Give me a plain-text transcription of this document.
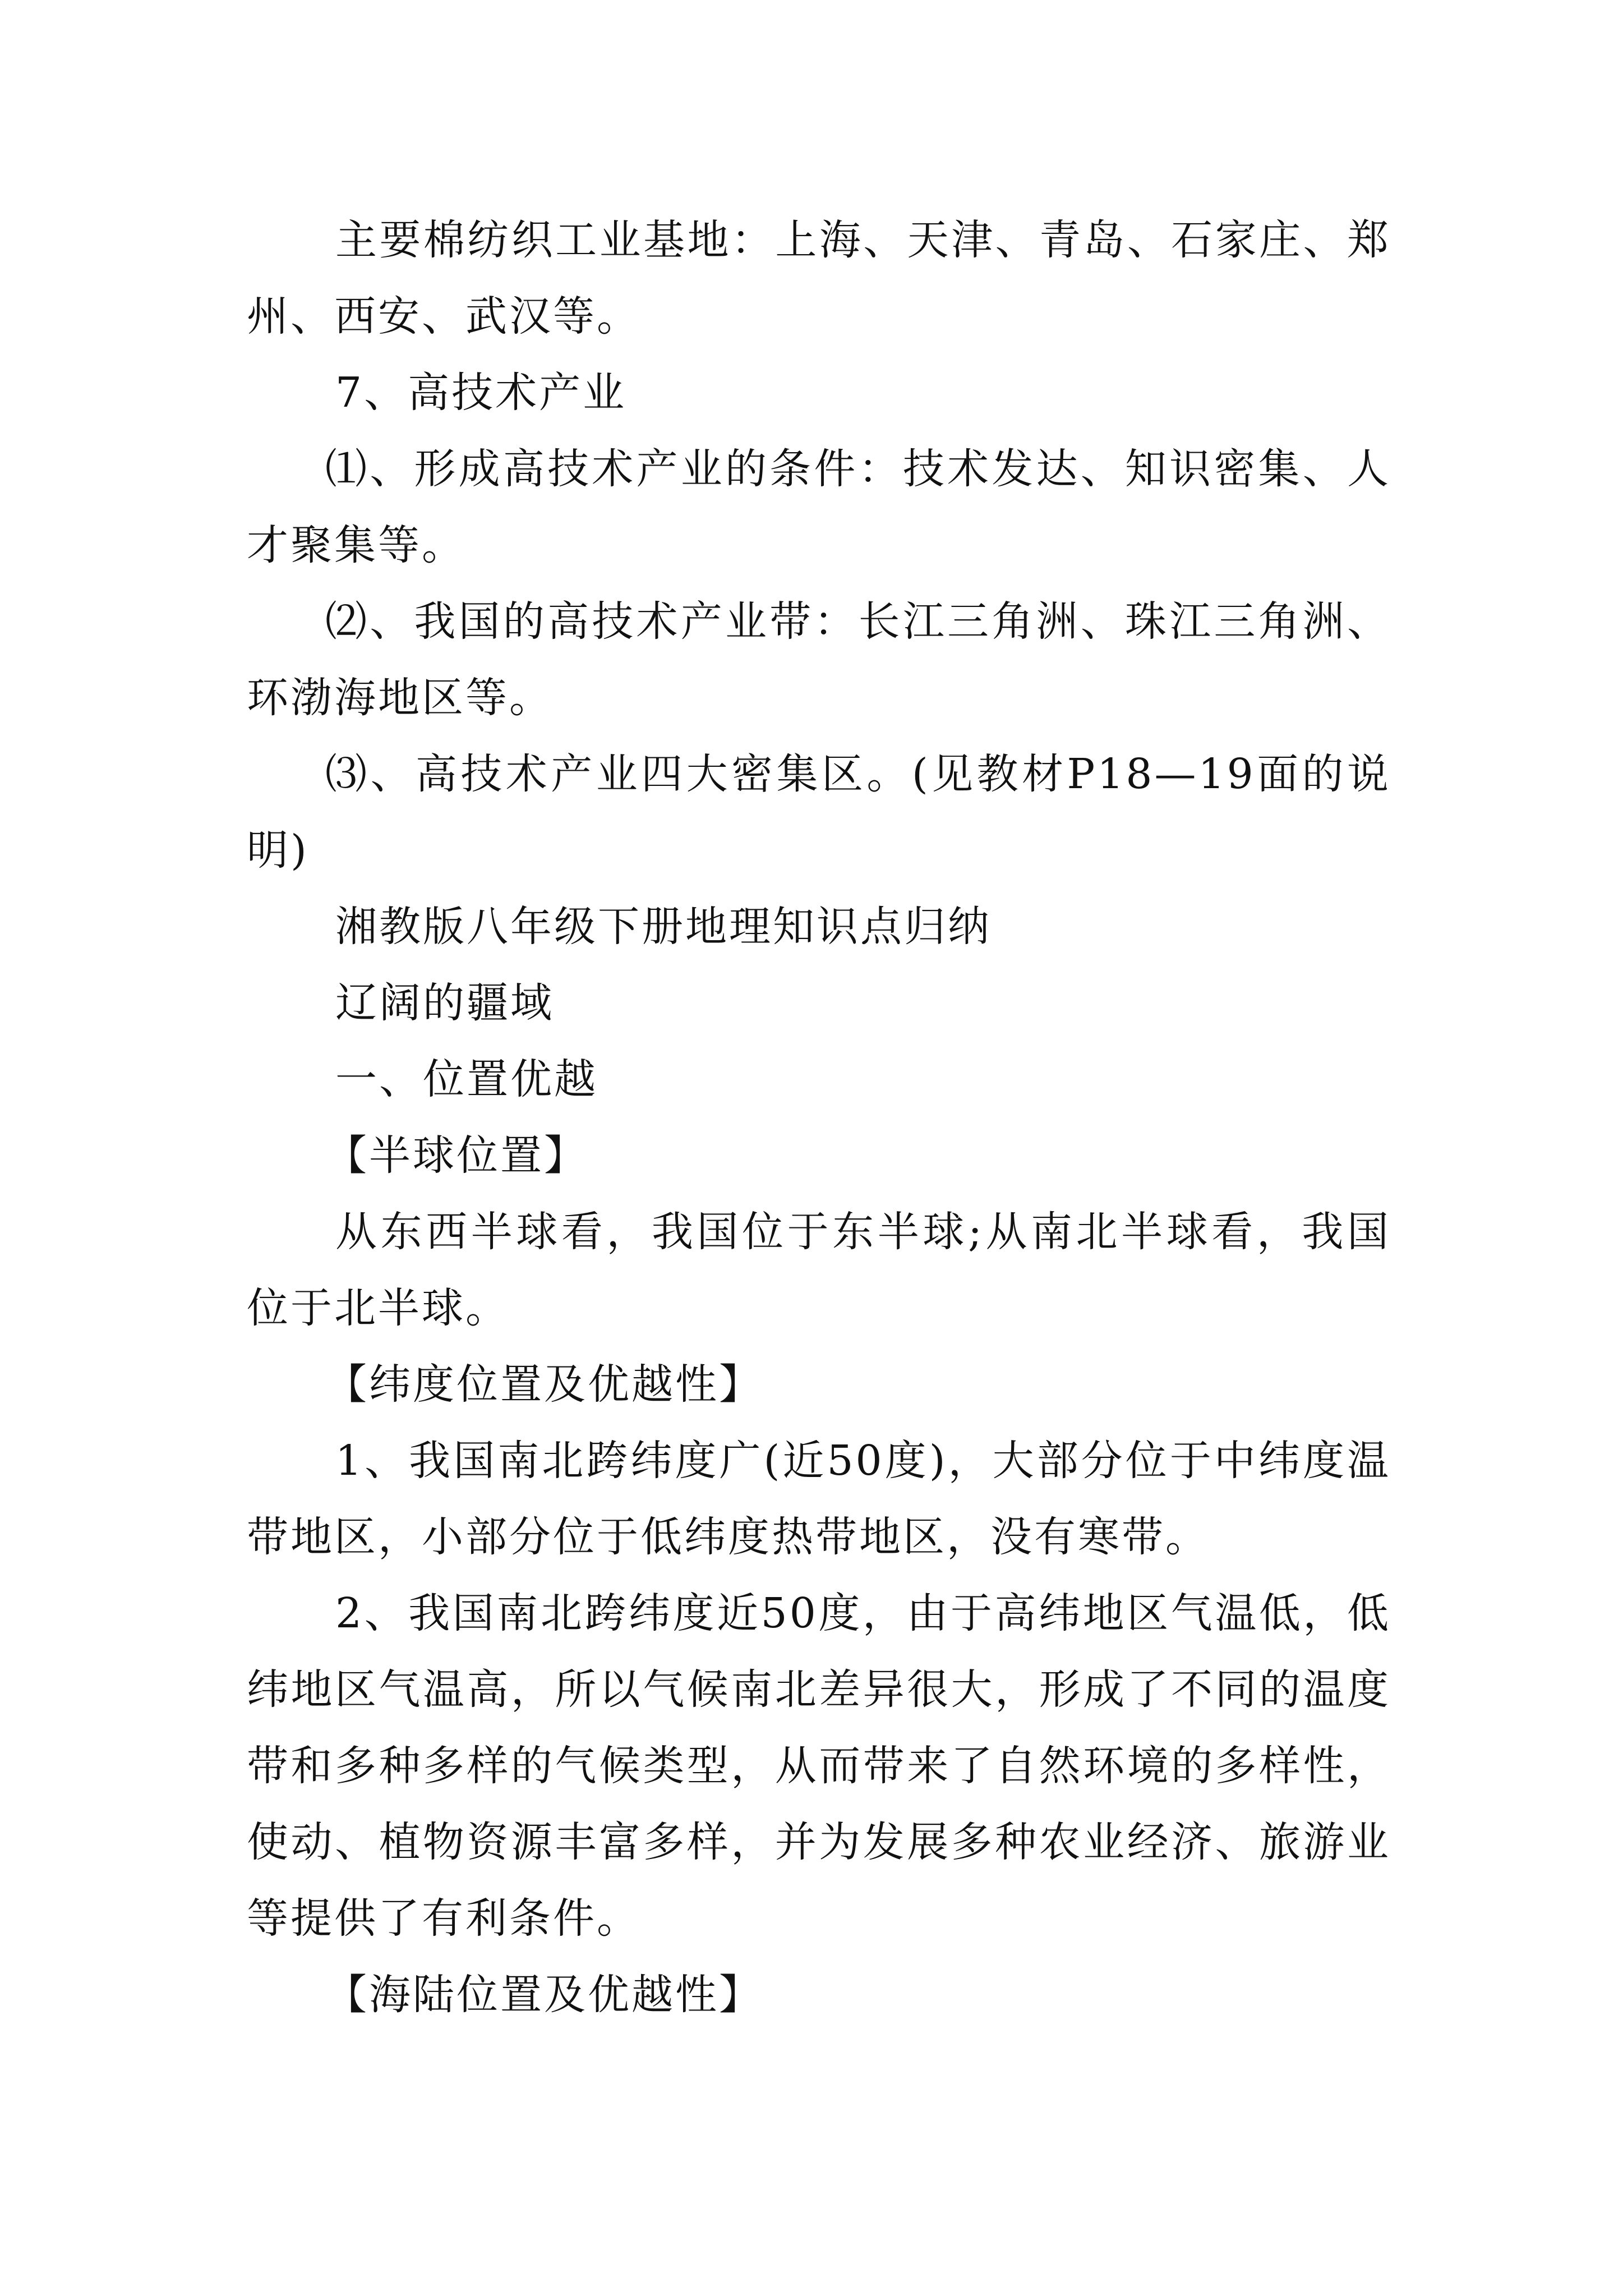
主要棉纺织工业基地：上海、天津、青岛、石家庄、郑州、西安、武汉等。

7、高技术产业

⑴、形成高技术产业的条件：技术发达、知识密集、人才聚集等。

⑵、我国的高技术产业带：长江三角洲、珠江三角洲、环渤海地区等。

⑶、高技术产业四大密集区。(见教材P18—19面的说明)

湘教版八年级下册地理知识点归纳

辽阔的疆域

一、位置优越

【半球位置】

从东西半球看，我国位于东半球;从南北半球看，我国位于北半球。

【纬度位置及优越性】

1、我国南北跨纬度广(近50度)，大部分位于中纬度温带地区，小部分位于低纬度热带地区，没有寒带。

2、我国南北跨纬度近50度，由于高纬地区气温低，低纬地区气温高，所以气候南北差异很大，形成了不同的温度带和多种多样的气候类型，从而带来了自然环境的多样性，使动、植物资源丰富多样，并为发展多种农业经济、旅游业等提供了有利条件。

【海陆位置及优越性】
